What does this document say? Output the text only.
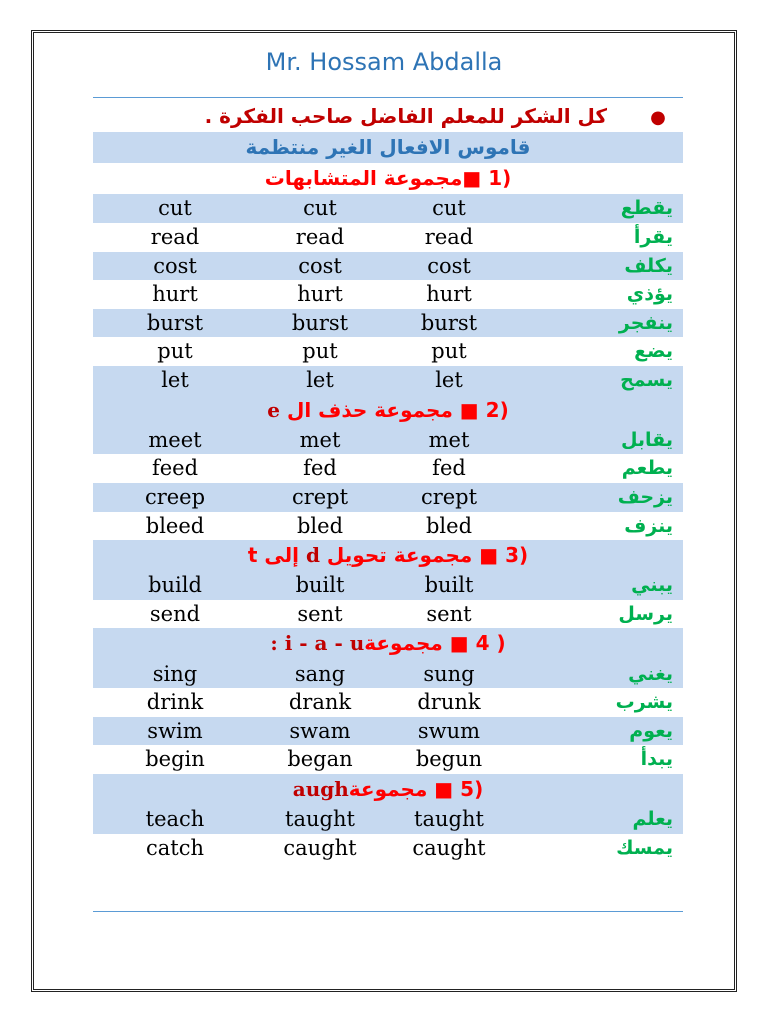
Mr. Hossam Abdalla
●كل الشكر للمعلم الفاضل صاحب الفكرة .
قاموس الافعال الغير منتظمة
(1 ■مجموعة المتشابهات
cut	cut	cut	يقطع
read	read	read	يقرأ
cost	cost	cost	يكلف
hurt	hurt	hurt	يؤذي
burst	burst	burst	ينفجر
put	put	put	يضع
let	let	let	يسمح
(2 ■ مجموعة حذف ال e
meet	met	met	يقابل
feed	fed	fed	يطعم
creep	crept	crept	يزحف
bleed	bled	bled	ينزف
(3 ■ مجموعة تحويل d إلى t
build	built	built	يبني
send	sent	sent	يرسل
( 4 ■ مجموعةi - a - u :
sing	sang	sung	يغني
drink	drank	drunk	يشرب
swim	swam	swum	يعوم
begin	began	begun	يبدأ
(5 ■ مجموعةaugh
teach	taught	taught	يعلم
catch	caught	caught	يمسك
